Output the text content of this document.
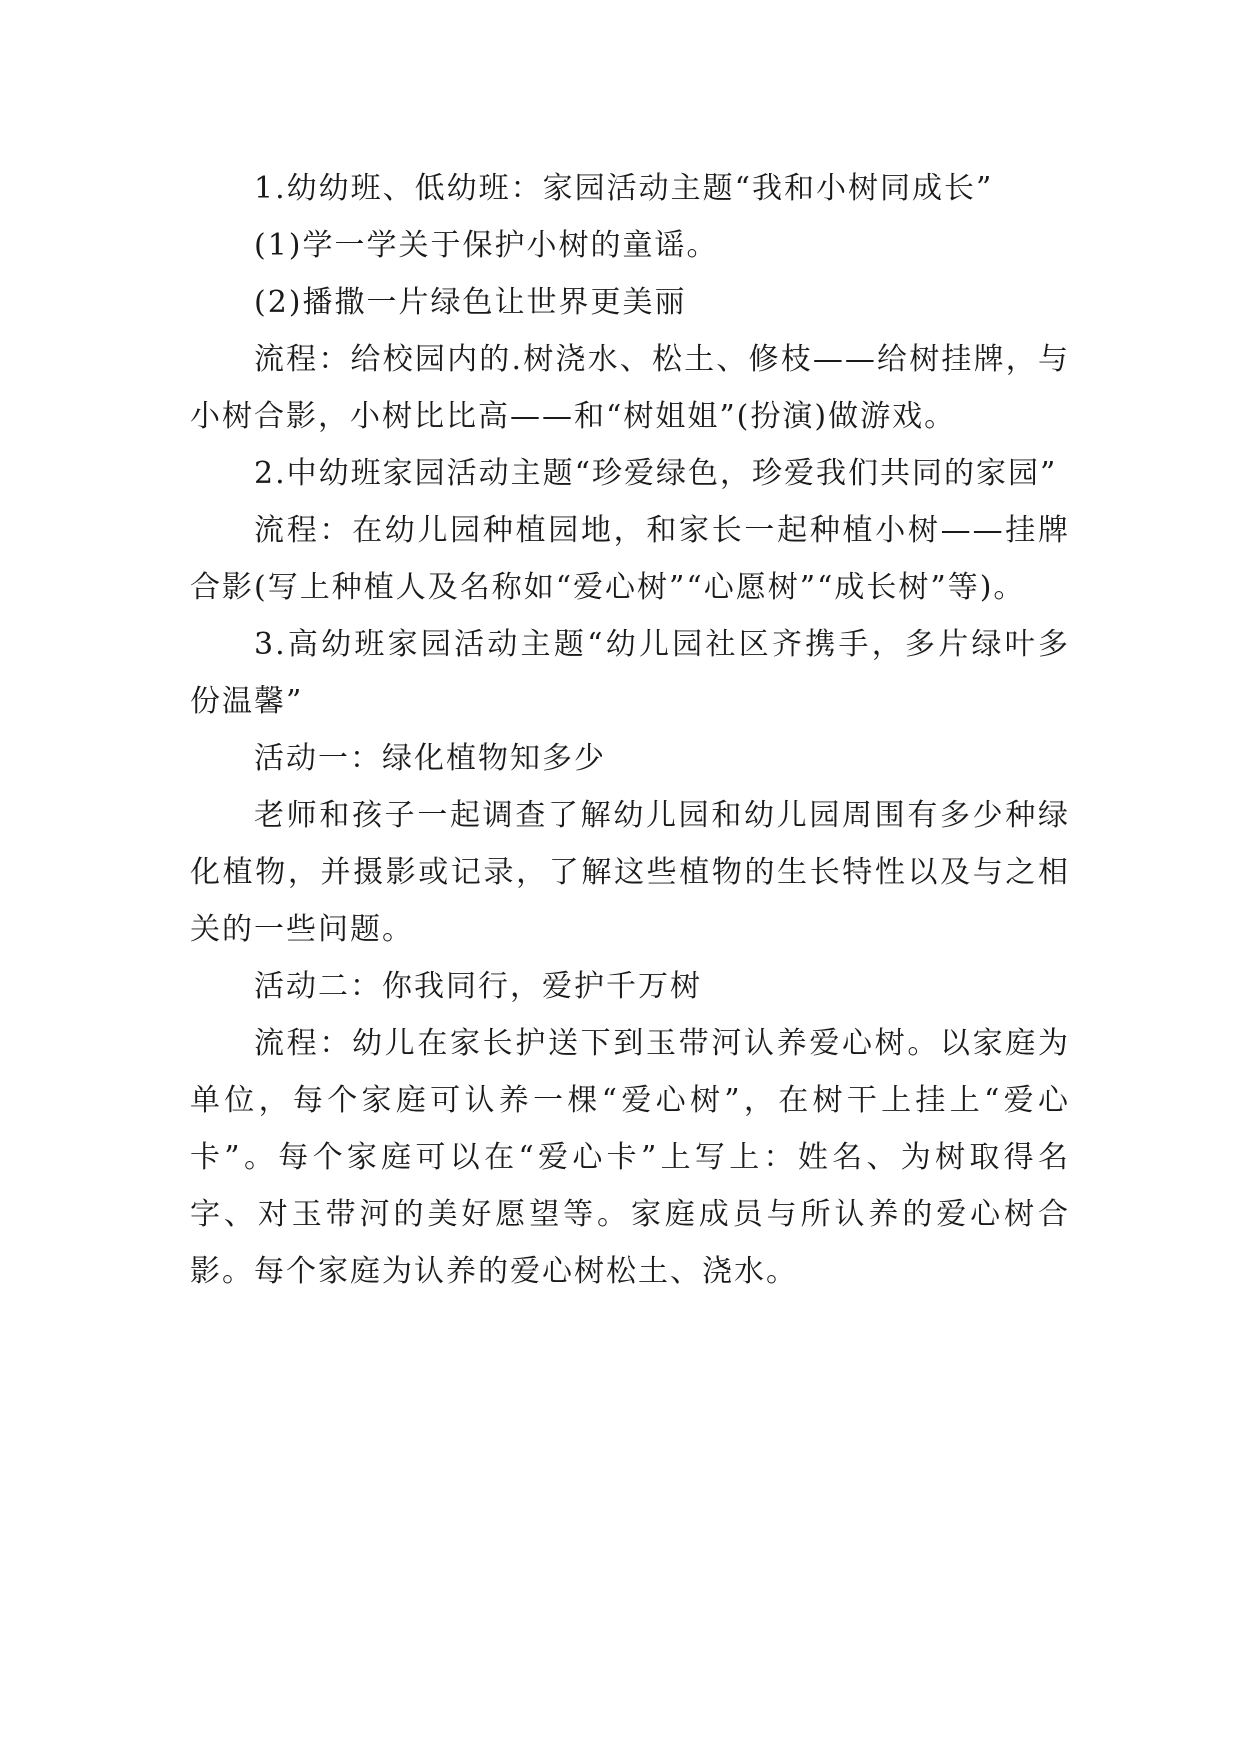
1.幼幼班、低幼班：家园活动主题“我和小树同成长”

(1)学一学关于保护小树的童谣。

(2)播撒一片绿色让世界更美丽

流程：给校园内的.树浇水、松土、修枝——给树挂牌，与小树合影，小树比比高——和“树姐姐”(扮演)做游戏。

2.中幼班家园活动主题“珍爱绿色，珍爱我们共同的家园”

流程：在幼儿园种植园地，和家长一起种植小树——挂牌合影(写上种植人及名称如“爱心树”“心愿树”“成长树”等)。

3.高幼班家园活动主题“幼儿园社区齐携手，多片绿叶多份温馨”

活动一：绿化植物知多少

老师和孩子一起调查了解幼儿园和幼儿园周围有多少种绿化植物，并摄影或记录，了解这些植物的生长特性以及与之相关的一些问题。

活动二：你我同行，爱护千万树

流程：幼儿在家长护送下到玉带河认养爱心树。以家庭为单位，每个家庭可认养一棵“爱心树”，在树干上挂上“爱心卡”。每个家庭可以在“爱心卡”上写上：姓名、为树取得名字、对玉带河的美好愿望等。家庭成员与所认养的爱心树合影。每个家庭为认养的爱心树松土、浇水。
